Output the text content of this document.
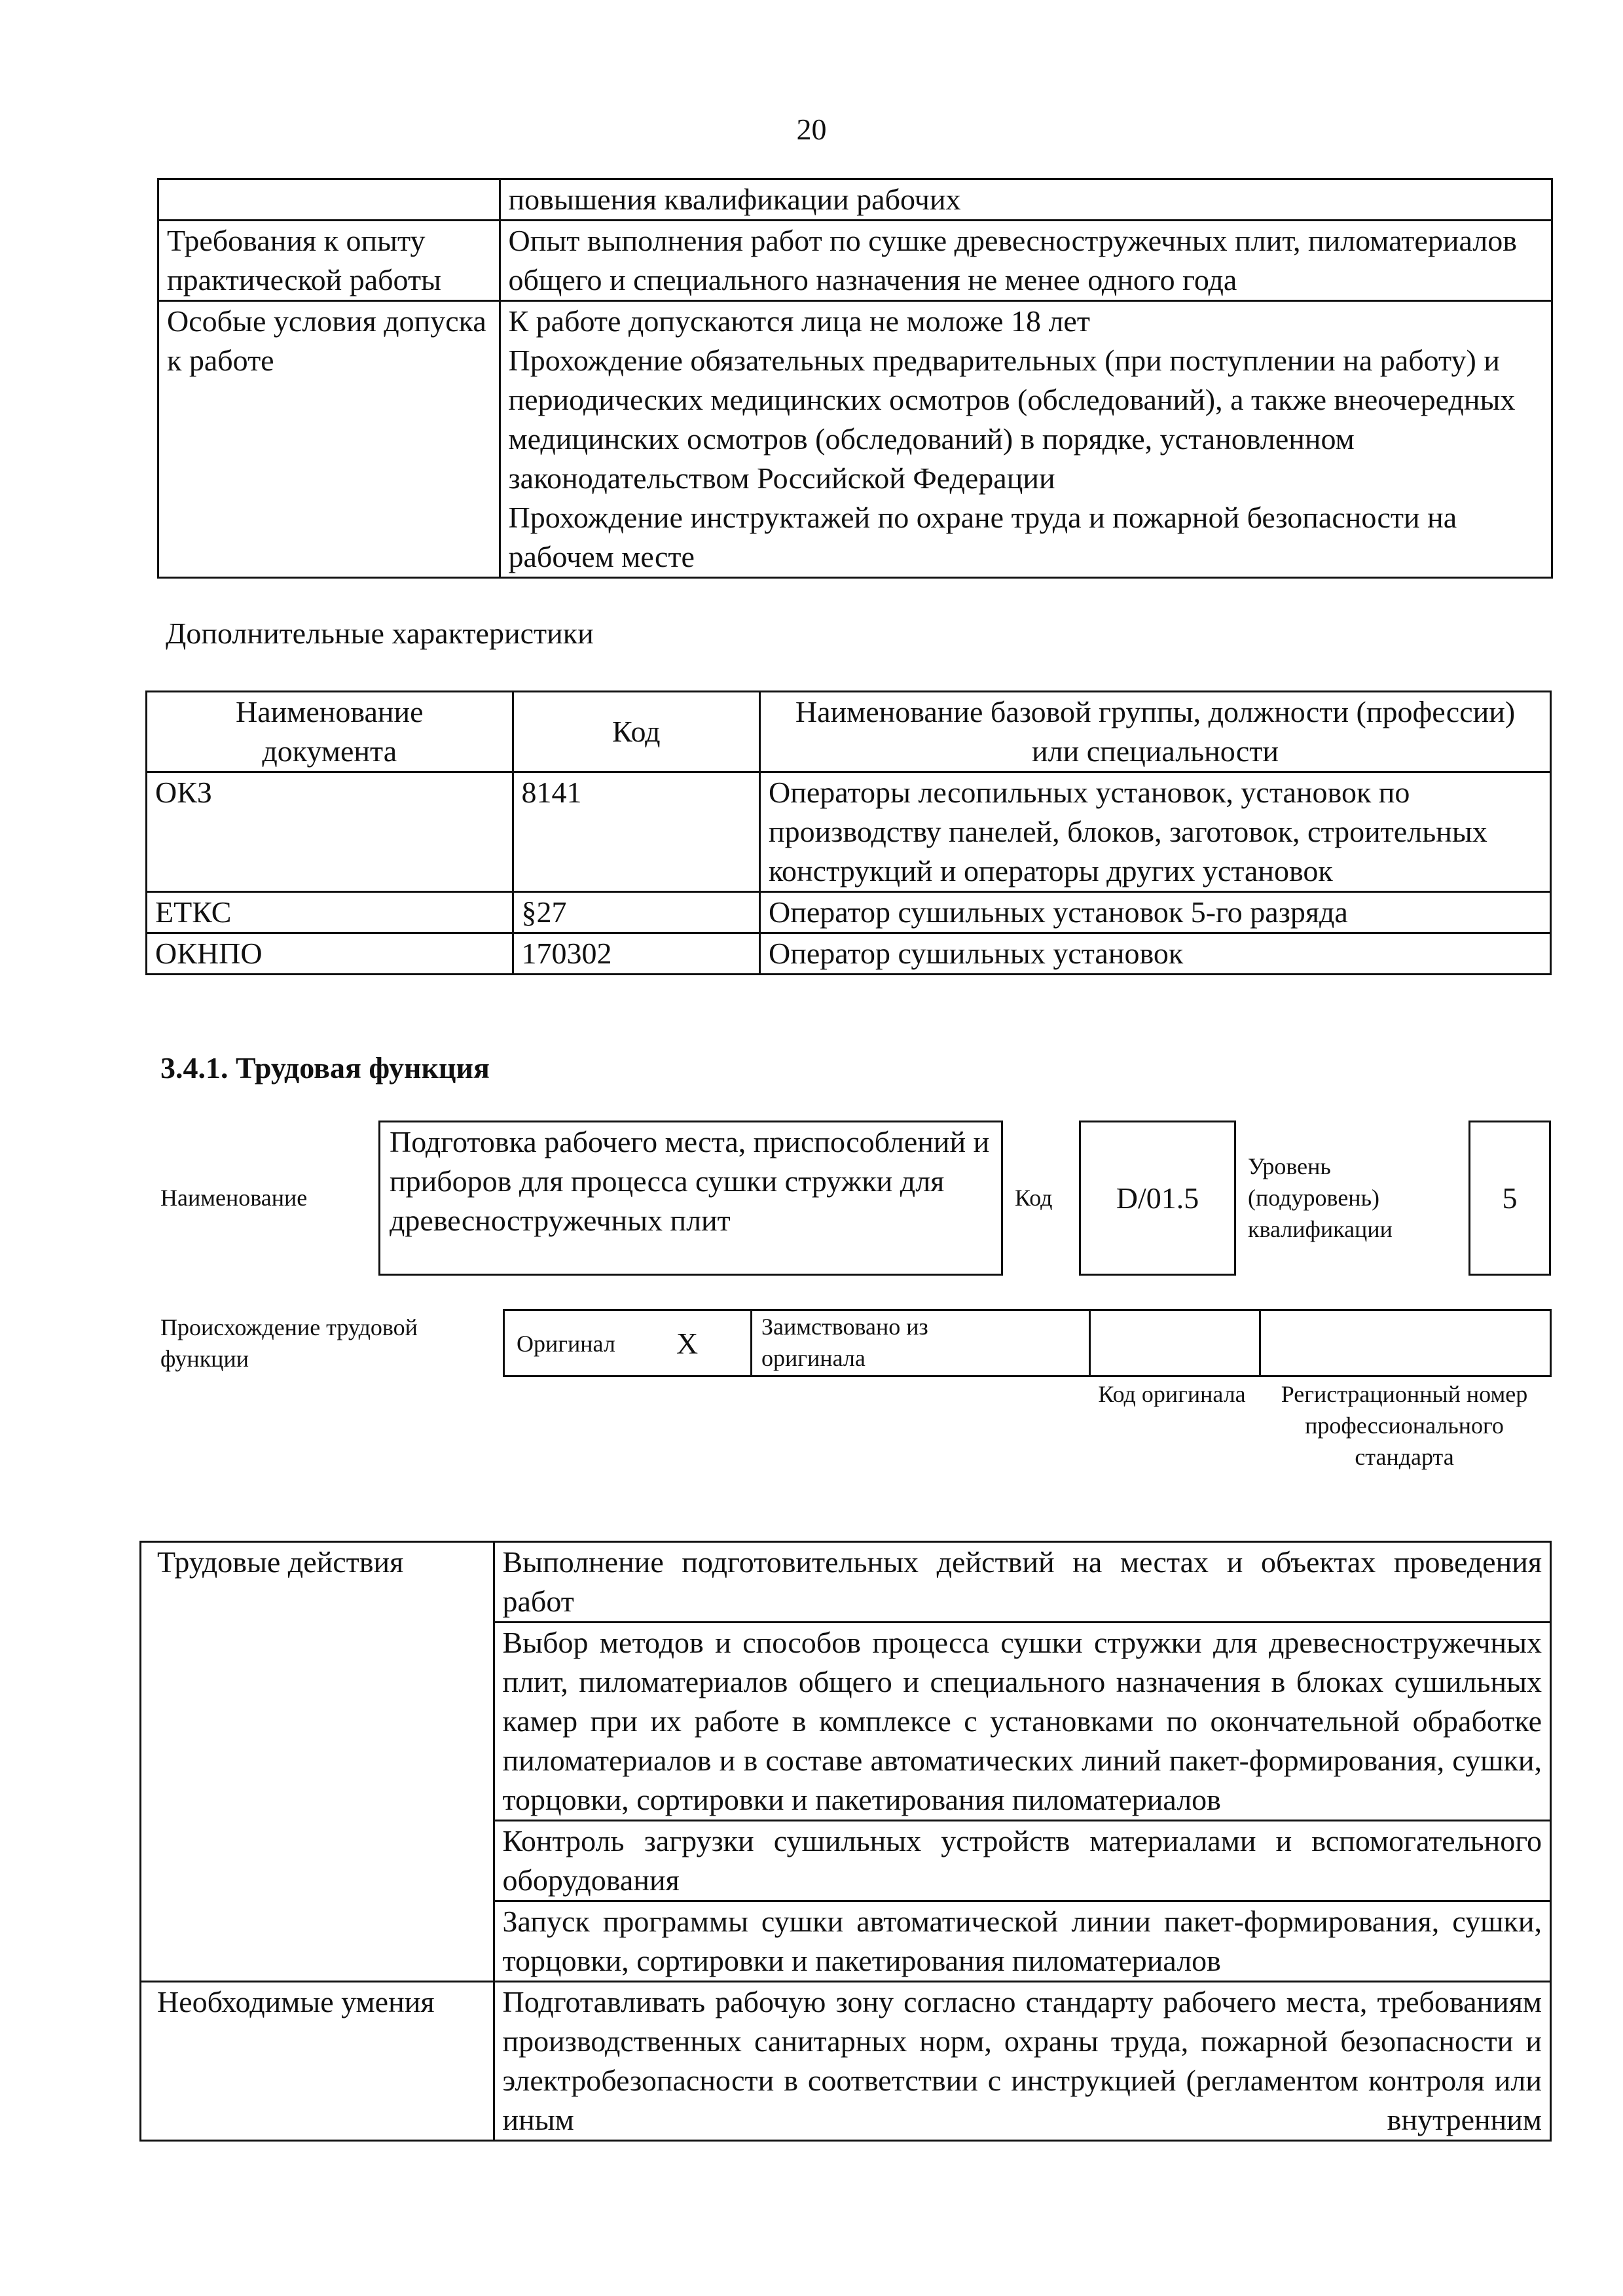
20
	повышения квалификации рабочих
Требования к опыту практической работы	Опыт выполнения работ по сушке древесностружечных плит, пиломатериалов общего и специального назначения не менее одного года
Особые условия допуска к работе	К работе допускаются лица не моложе 18 лет
Прохождение обязательных предварительных (при поступлении на работу) и периодических медицинских осмотров (обследований), а также внеочередных медицинских осмотров (обследований) в порядке, установленном законодательством Российской Федерации
Прохождение инструктажей по охране труда и пожарной безопасности на рабочем месте
Дополнительные характеристики
Наименование документа	Код	Наименование базовой группы, должности (профессии) или специальности
ОКЗ	8141	Операторы лесопильных установок, установок по производству панелей, блоков, заготовок, строительных конструкций и операторы других установок
ЕТКС	§27	Оператор сушильных установок 5-го разряда
ОКНПО	170302	Оператор сушильных установок
3.4.1. Трудовая функция
Наименование
Подготовка рабочего места, приспособлений и приборов для процесса сушки стружки для древесностружечных плит
Код	D/01.5
Уровень (подуровень) квалификации
5
Происхождение трудовой функции
Оригинал X	Заимствовано из оригинала
Код оригинала	Регистрационный номер профессионального стандарта
Трудовые действия	Выполнение подготовительных действий на местах и объектах проведения работ
	Выбор методов и способов процесса сушки стружки для древесностружечных плит, пиломатериалов общего и специального назначения в блоках сушильных камер при их работе в комплексе с установками по окончательной обработке пиломатериалов и в составе автоматических линий пакет-формирования, сушки, торцовки, сортировки и пакетирования пиломатериалов
	Контроль загрузки сушильных устройств материалами и вспомогательного оборудования
	Запуск программы сушки автоматической линии пакет-формирования, сушки, торцовки, сортировки и пакетирования пиломатериалов
Необходимые умения	Подготавливать рабочую зону согласно стандарту рабочего места, требованиям производственных санитарных норм, охраны труда, пожарной безопасности и электробезопасности в соответствии с инструкцией (регламентом контроля или иным внутренним
